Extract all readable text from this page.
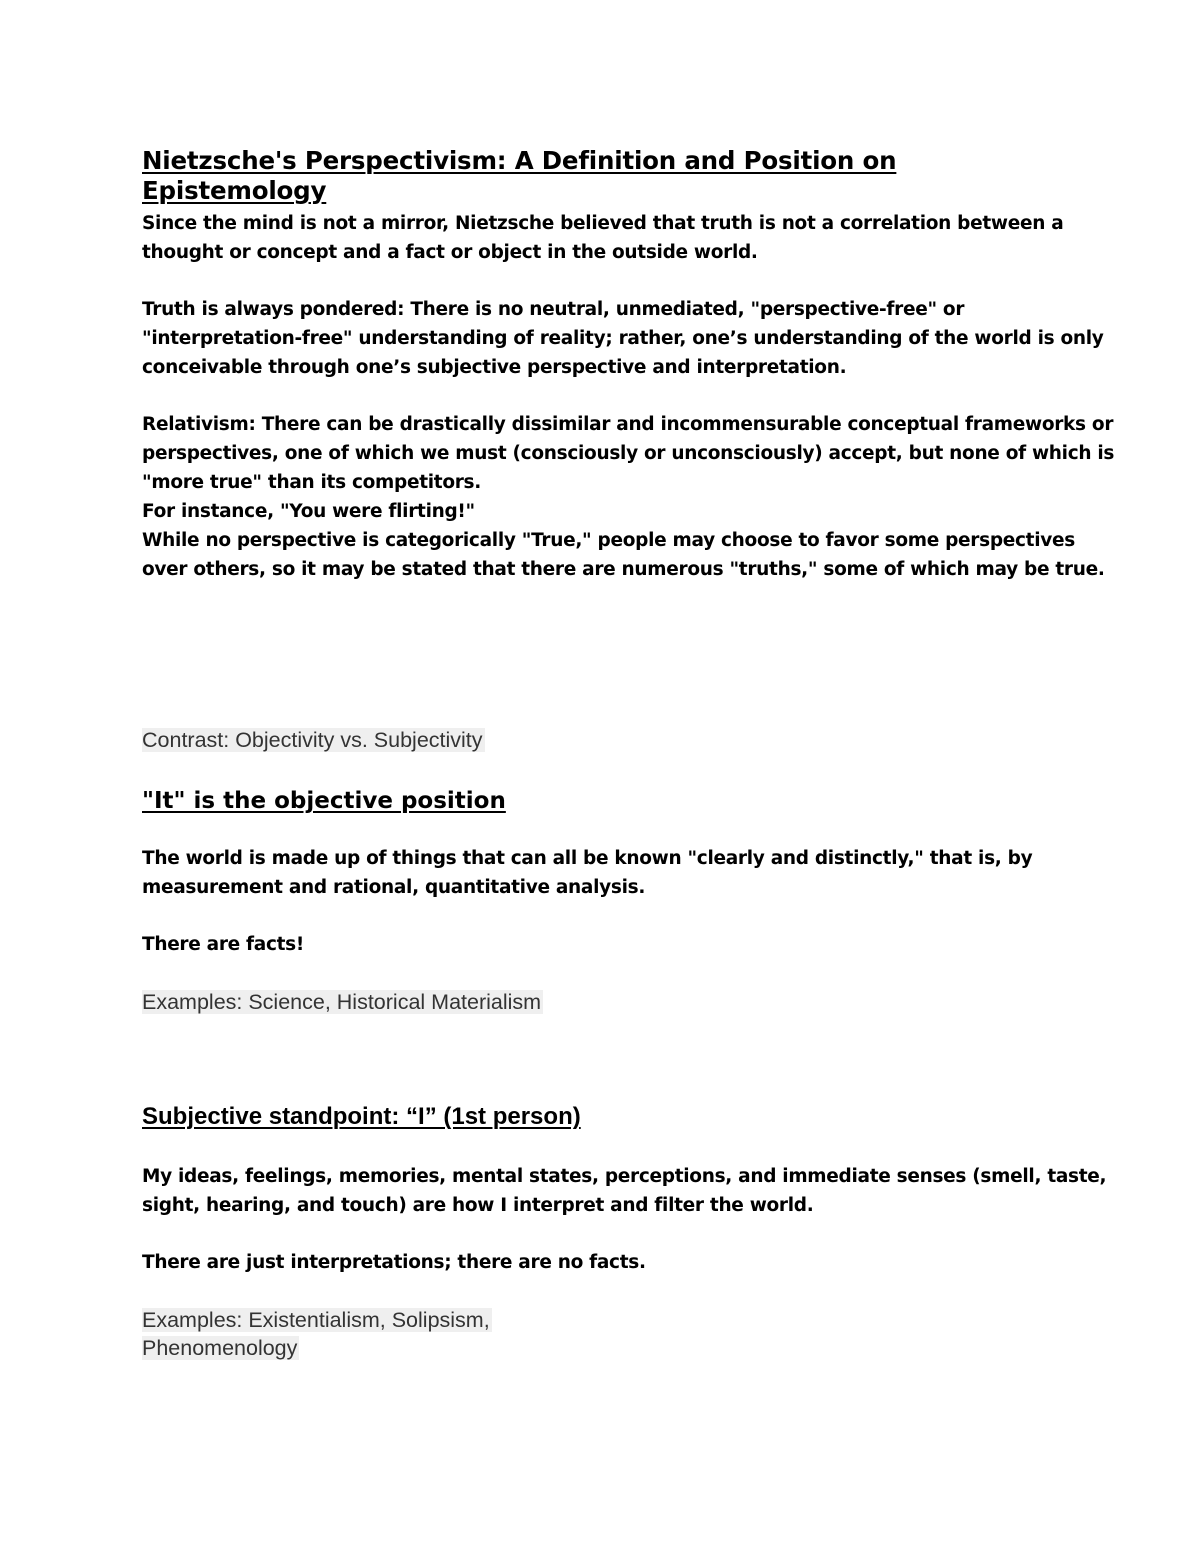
Nietzsche's Perspectivism: A Definition and Position on Epistemology

Since the mind is not a mirror, Nietzsche believed that truth is not a correlation between a
thought or concept and a fact or object in the outside world.

Truth is always pondered: There is no neutral, unmediated, "perspective-free" or
"interpretation-free" understanding of reality; rather, one’s understanding of the world is only
conceivable through one’s subjective perspective and interpretation.

Relativism: There can be drastically dissimilar and incommensurable conceptual frameworks or
perspectives, one of which we must (consciously or unconsciously) accept, but none of which is
"more true" than its competitors.
For instance, "You were flirting!"
While no perspective is categorically "True," people may choose to favor some perspectives
over others, so it may be stated that there are numerous "truths," some of which may be true.

Contrast: Objectivity vs. Subjectivity

"It" is the objective position

The world is made up of things that can all be known "clearly and distinctly," that is, by
measurement and rational, quantitative analysis.

There are facts!

Examples: Science, Historical Materialism

Subjective standpoint: “I” (1st person)

My ideas, feelings, memories, mental states, perceptions, and immediate senses (smell, taste,
sight, hearing, and touch) are how I interpret and filter the world.

There are just interpretations; there are no facts.

Examples: Existentialism, Solipsism,
Phenomenology
